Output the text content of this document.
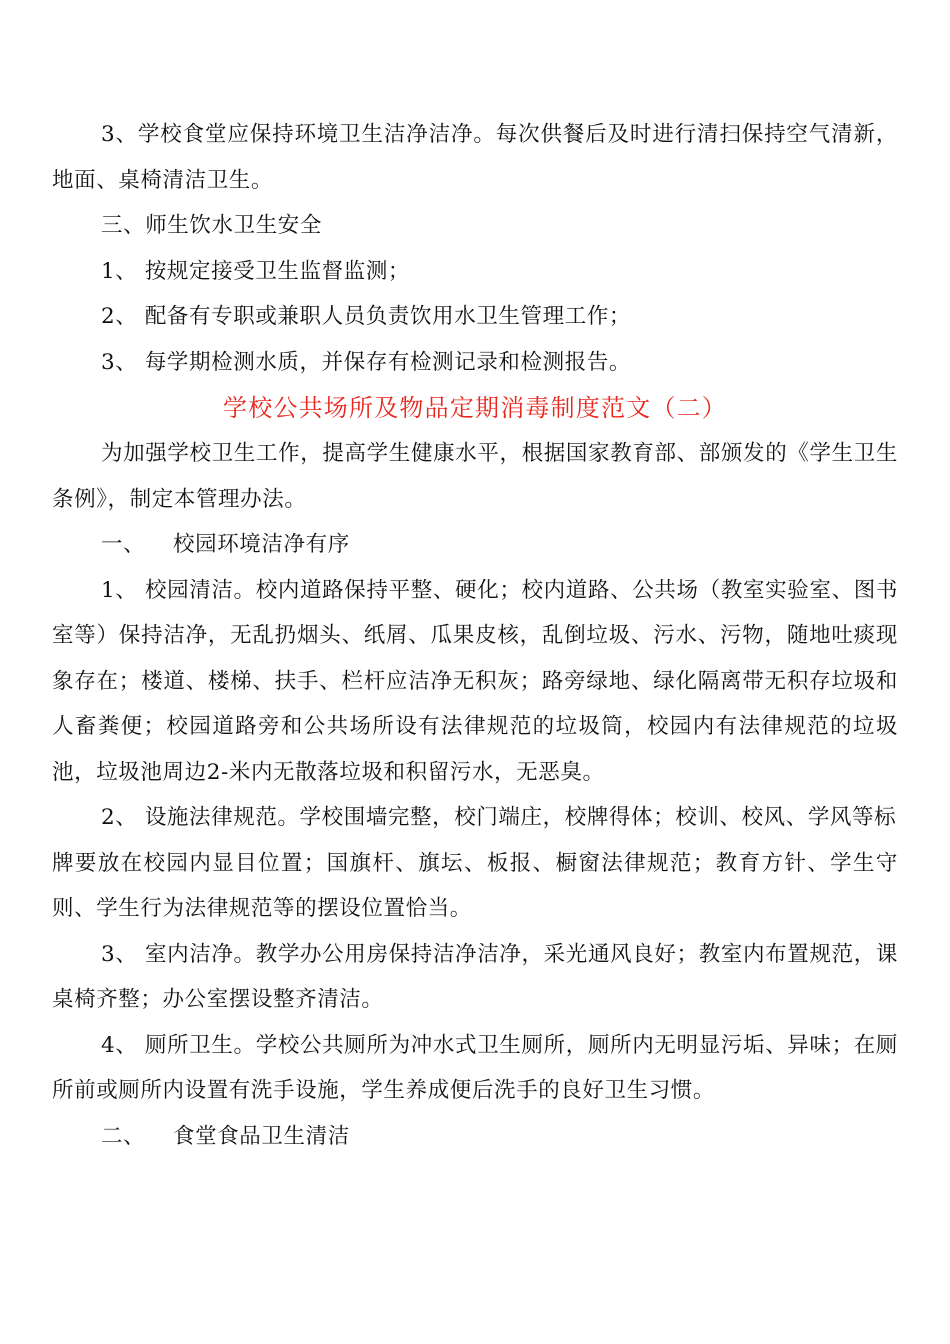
3、学校食堂应保持环境卫生洁净洁净。每次供餐后及时进行清扫保持空气清新，地面、桌椅清洁卫生。

三、师生饮水卫生安全

1、 按规定接受卫生监督监测；

2、 配备有专职或兼职人员负责饮用水卫生管理工作；

3、 每学期检测水质，并保存有检测记录和检测报告。

学校公共场所及物品定期消毒制度范文（二）

为加强学校卫生工作，提高学生健康水平，根据国家教育部、部颁发的《学生卫生条例》，制定本管理办法。

一、 校园环境洁净有序

1、 校园清洁。校内道路保持平整、硬化；校内道路、公共场（教室实验室、图书室等）保持洁净，无乱扔烟头、纸屑、瓜果皮核，乱倒垃圾、污水、污物，随地吐痰现象存在；楼道、楼梯、扶手、栏杆应洁净无积灰；路旁绿地、绿化隔离带无积存垃圾和人畜粪便；校园道路旁和公共场所设有法律规范的垃圾筒，校园内有法律规范的垃圾池，垃圾池周边2-米内无散落垃圾和积留污水，无恶臭。

2、 设施法律规范。学校围墙完整，校门端庄，校牌得体；校训、校风、学风等标

牌要放在校园内显目位置；国旗杆、旗坛、板报、橱窗法律规范；教育方针、学生守则、学生行为法律规范等的摆设位置恰当。

3、 室内洁净。教学办公用房保持洁净洁净，采光通风良好；教室内布置规范，课桌椅齐整；办公室摆设整齐清洁。

4、 厕所卫生。学校公共厕所为冲水式卫生厕所，厕所内无明显污垢、异味；在厕所前或厕所内设置有洗手设施，学生养成便后洗手的良好卫生习惯。

二、 食堂食品卫生清洁
